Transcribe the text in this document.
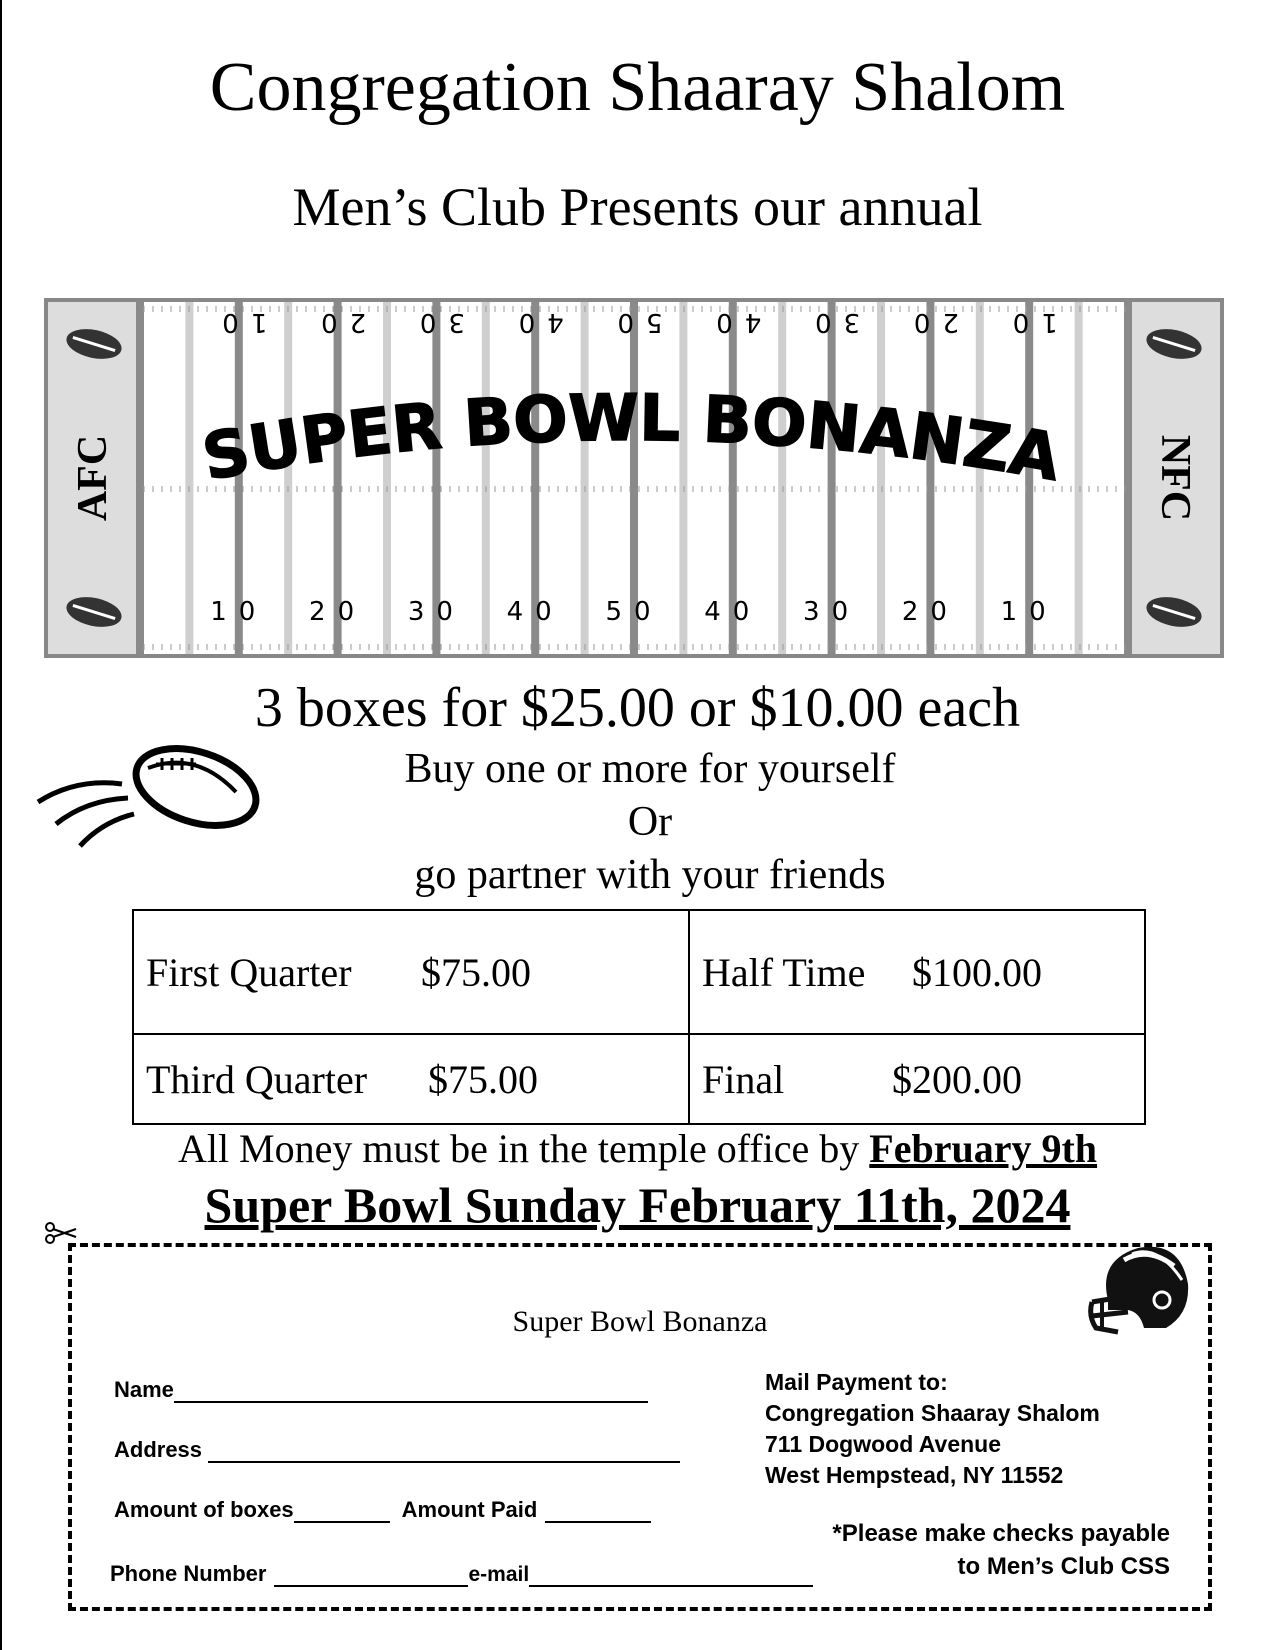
Congregation Shaaray Shalom
Men’s Club Presents our annual
AFC	NFC
10 20 30 40 50 40 30 20 10
10 20 30 40 50 40 30 20 10
SUPER BOWL BONANZA
3 boxes for $25.00 or $10.00 each
Buy one or more for yourself
Or
go partner with your friends
First Quarter $75.00	Half Time $100.00
Third Quarter $75.00	Final $200.00
All Money must be in the temple office by February 9th
Super Bowl Sunday February 11th, 2024
Super Bowl Bonanza
Name
Address
Amount of boxes	Amount Paid
Phone Number	e-mail
Mail Payment to:
Congregation Shaaray Shalom
711 Dogwood Avenue
West Hempstead, NY 11552
*Please make checks payable
to Men’s Club CSS
